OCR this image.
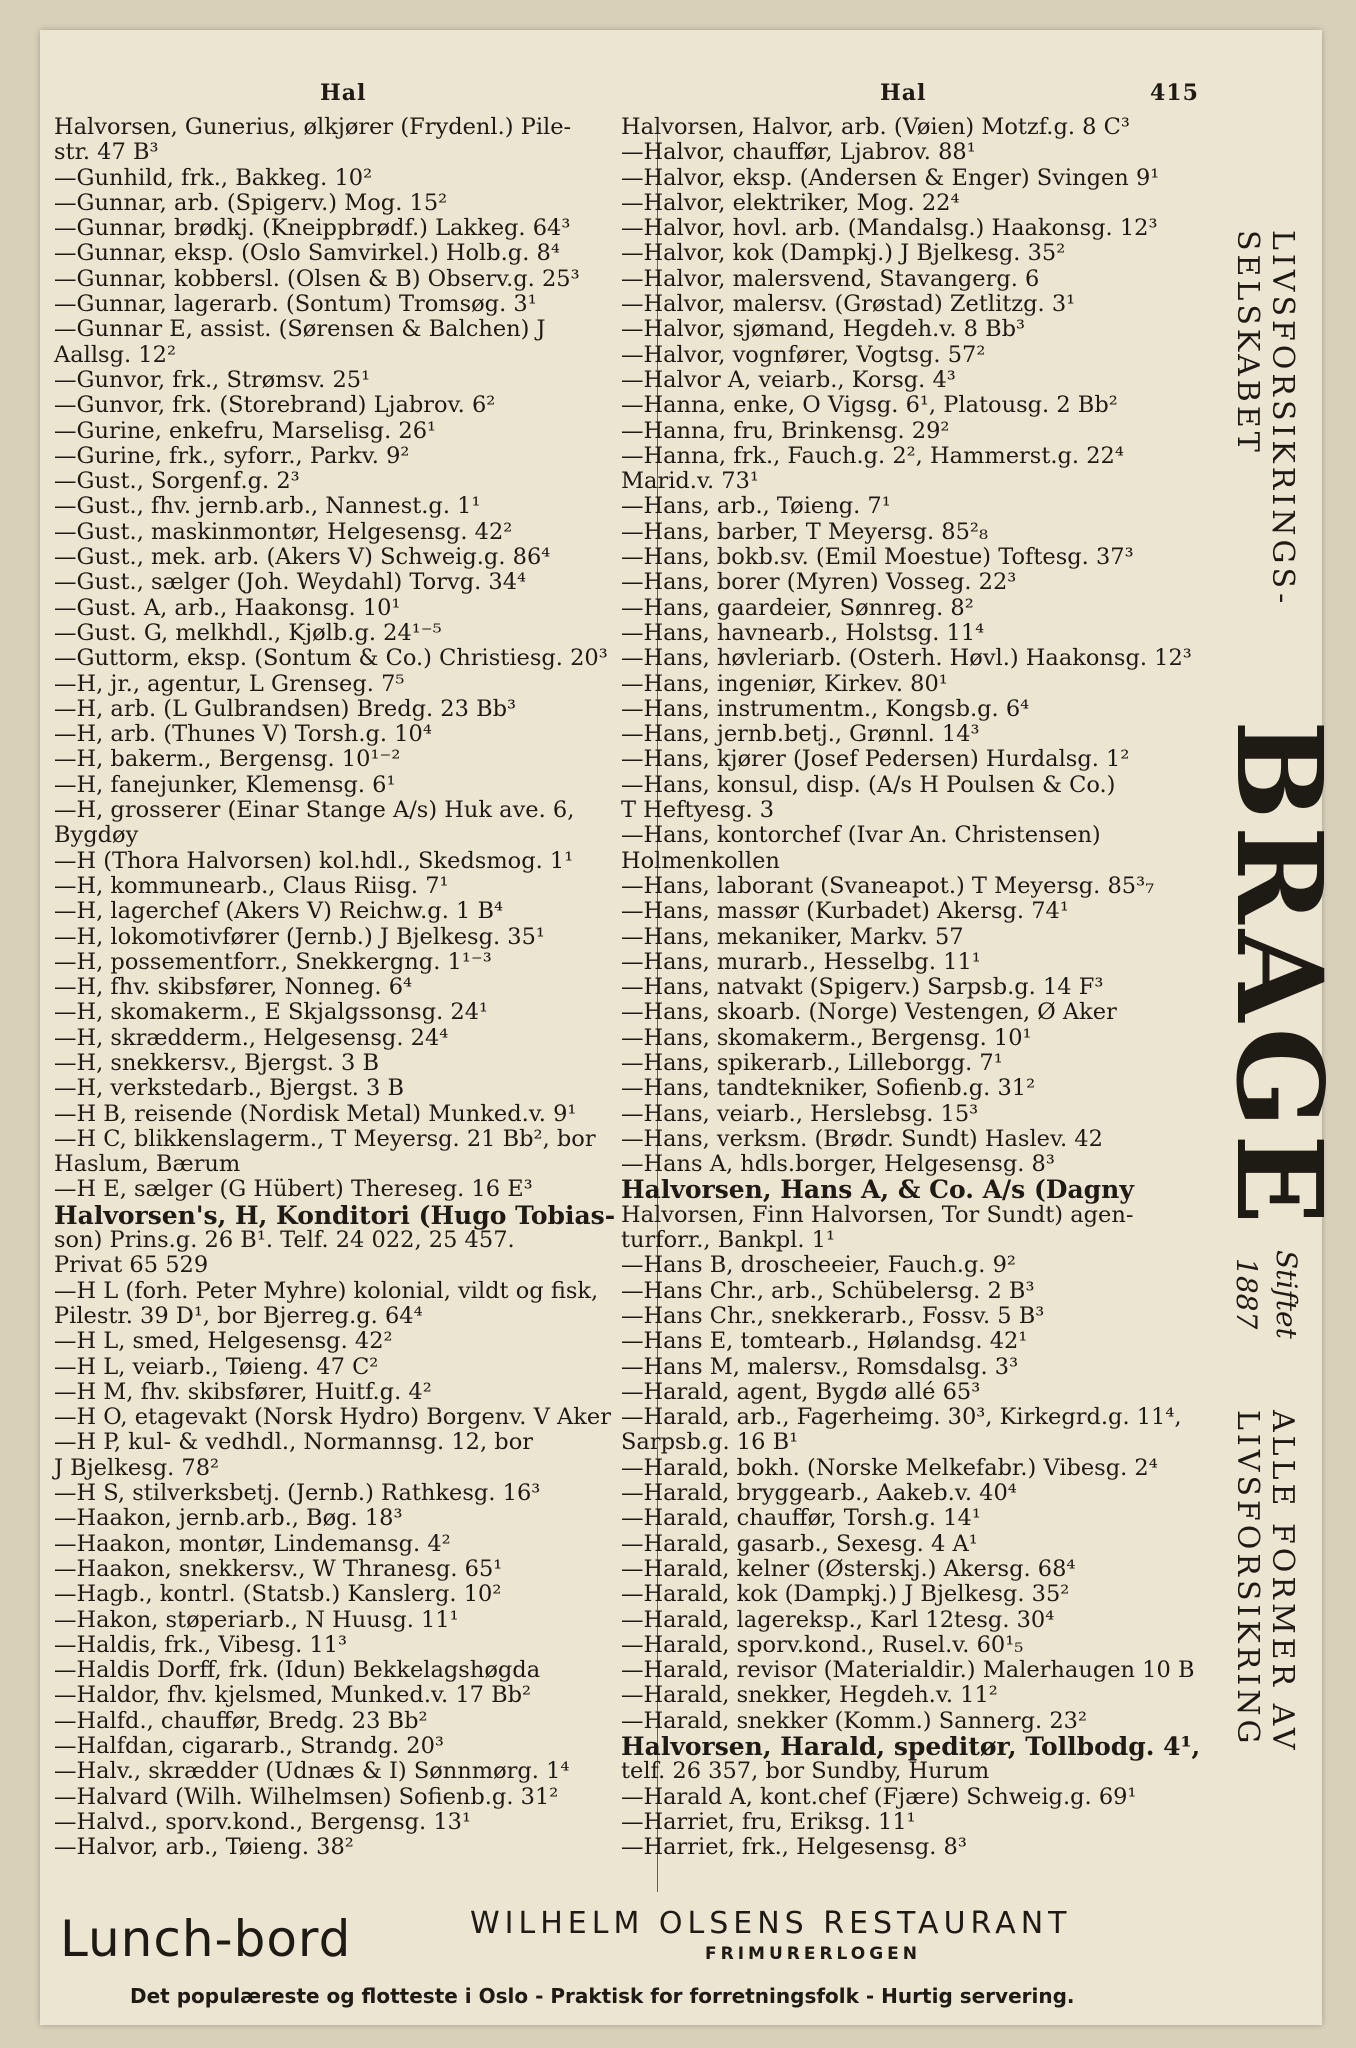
Hal	Hal	415
Halvorsen, Gunerius, ølkjører (Frydenl.) Pile-
str. 47 B³
—Gunhild, frk., Bakkeg. 10²
—Gunnar, arb. (Spigerv.) Mog. 15²
—Gunnar, brødkj. (Kneippbrødf.) Lakkeg. 64³
—Gunnar, eksp. (Oslo Samvirkel.) Holb.g. 8⁴
—Gunnar, kobbersl. (Olsen & B) Observ.g. 25³
—Gunnar, lagerarb. (Sontum) Tromsøg. 3¹
—Gunnar E, assist. (Sørensen & Balchen) J
Aallsg. 12²
—Gunvor, frk., Strømsv. 25¹
—Gunvor, frk. (Storebrand) Ljabrov. 6²
—Gurine, enkefru, Marselisg. 26¹
—Gurine, frk., syforr., Parkv. 9²
—Gust., Sorgenf.g. 2³
—Gust., fhv. jernb.arb., Nannest.g. 1¹
—Gust., maskinmontør, Helgesensg. 42²
—Gust., mek. arb. (Akers V) Schweig.g. 86⁴
—Gust., sælger (Joh. Weydahl) Torvg. 34⁴
—Gust. A, arb., Haakonsg. 10¹
—Gust. G, melkhdl., Kjølb.g. 24¹⁻⁵
—Guttorm, eksp. (Sontum & Co.) Christiesg. 20³
—H, jr., agentur, L Grenseg. 7⁵
—H, arb. (L Gulbrandsen) Bredg. 23 Bb³
—H, arb. (Thunes V) Torsh.g. 10⁴
—H, bakerm., Bergensg. 10¹⁻²
—H, fanejunker, Klemensg. 6¹
—H, grosserer (Einar Stange A/s) Huk ave. 6,
Bygdøy
—H (Thora Halvorsen) kol.hdl., Skedsmog. 1¹
—H, kommunearb., Claus Riisg. 7¹
—H, lagerchef (Akers V) Reichw.g. 1 B⁴
—H, lokomotivfører (Jernb.) J Bjelkesg. 35¹
—H, possementforr., Snekkergng. 1¹⁻³
—H, fhv. skibsfører, Nonneg. 6⁴
—H, skomakerm., E Skjalgssonsg. 24¹
—H, skrædderm., Helgesensg. 24⁴
—H, snekkersv., Bjergst. 3 B
—H, verkstedarb., Bjergst. 3 B
—H B, reisende (Nordisk Metal) Munked.v. 9¹
—H C, blikkenslagerm., T Meyersg. 21 Bb², bor
Haslum, Bærum
—H E, sælger (G Hübert) Thereseg. 16 E³
Halvorsen's, H, Konditori (Hugo Tobias-
son) Prins.g. 26 B¹. Telf. 24 022, 25 457.
Privat 65 529
—H L (forh. Peter Myhre) kolonial, vildt og fisk,
Pilestr. 39 D¹, bor Bjerreg.g. 64⁴
—H L, smed, Helgesensg. 42²
—H L, veiarb., Tøieng. 47 C²
—H M, fhv. skibsfører, Huitf.g. 4²
—H O, etagevakt (Norsk Hydro) Borgenv. V Aker
—H P, kul- & vedhdl., Normannsg. 12, bor
J Bjelkesg. 78²
—H S, stilverksbetj. (Jernb.) Rathkesg. 16³
—Haakon, jernb.arb., Bøg. 18³
—Haakon, montør, Lindemansg. 4²
—Haakon, snekkersv., W Thranesg. 65¹
—Hagb., kontrl. (Statsb.) Kanslerg. 10²
—Hakon, støperiarb., N Huusg. 11¹
—Haldis, frk., Vibesg. 11³
—Haldis Dorff, frk. (Idun) Bekkelagshøgda
—Haldor, fhv. kjelsmed, Munked.v. 17 Bb²
—Halfd., chauffør, Bredg. 23 Bb²
—Halfdan, cigararb., Strandg. 20³
—Halv., skrædder (Udnæs & I) Sønnmørg. 1⁴
—Halvard (Wilh. Wilhelmsen) Sofienb.g. 31²
—Halvd., sporv.kond., Bergensg. 13¹
—Halvor, arb., Tøieng. 38²
Halvorsen, Halvor, arb. (Vøien) Motzf.g. 8 C³
—Halvor, chauffør, Ljabrov. 88¹
—Halvor, eksp. (Andersen & Enger) Svingen 9¹
—Halvor, elektriker, Mog. 22⁴
—Halvor, hovl. arb. (Mandalsg.) Haakonsg. 12³
—Halvor, kok (Dampkj.) J Bjelkesg. 35²
—Halvor, malersvend, Stavangerg. 6
—Halvor, malersv. (Grøstad) Zetlitzg. 3¹
—Halvor, sjømand, Hegdeh.v. 8 Bb³
—Halvor, vognfører, Vogtsg. 57²
—Halvor A, veiarb., Korsg. 4³
—Hanna, enke, O Vigsg. 6¹, Platousg. 2 Bb²
—Hanna, fru, Brinkensg. 29²
—Hanna, frk., Fauch.g. 2², Hammerst.g. 22⁴
Marid.v. 73¹
—Hans, arb., Tøieng. 7¹
—Hans, barber, T Meyersg. 85²₈
—Hans, bokb.sv. (Emil Moestue) Toftesg. 37³
—Hans, borer (Myren) Vosseg. 22³
—Hans, gaardeier, Sønnreg. 8²
—Hans, havnearb., Holstsg. 11⁴
—Hans, høvleriarb. (Osterh. Høvl.) Haakonsg. 12³
—Hans, ingeniør, Kirkev. 80¹
—Hans, instrumentm., Kongsb.g. 6⁴
—Hans, jernb.betj., Grønnl. 14³
—Hans, kjører (Josef Pedersen) Hurdalsg. 1²
—Hans, konsul, disp. (A/s H Poulsen & Co.)
T Heftyesg. 3
—Hans, kontorchef (Ivar An. Christensen)
Holmenkollen
—Hans, laborant (Svaneapot.) T Meyersg. 85³₇
—Hans, massør (Kurbadet) Akersg. 74¹
—Hans, mekaniker, Markv. 57
—Hans, murarb., Hesselbg. 11¹
—Hans, natvakt (Spigerv.) Sarpsb.g. 14 F³
—Hans, skoarb. (Norge) Vestengen, Ø Aker
—Hans, skomakerm., Bergensg. 10¹
—Hans, spikerarb., Lilleborgg. 7¹
—Hans, tandtekniker, Sofienb.g. 31²
—Hans, veiarb., Herslebsg. 15³
—Hans, verksm. (Brødr. Sundt) Haslev. 42
—Hans A, hdls.borger, Helgesensg. 8³
Halvorsen, Hans A, & Co. A/s (Dagny
Halvorsen, Finn Halvorsen, Tor Sundt) agen-
turforr., Bankpl. 1¹
—Hans B, droscheeier, Fauch.g. 9²
—Hans Chr., arb., Schübelersg. 2 B³
—Hans Chr., snekkerarb., Fossv. 5 B³
—Hans E, tomtearb., Hølandsg. 42¹
—Hans M, malersv., Romsdalsg. 3³
—Harald, agent, Bygdø allé 65³
—Harald, arb., Fagerheimg. 30³, Kirkegrd.g. 11⁴,
Sarpsb.g. 16 B¹
—Harald, bokh. (Norske Melkefabr.) Vibesg. 2⁴
—Harald, bryggearb., Aakeb.v. 40⁴
—Harald, chauffør, Torsh.g. 14¹
—Harald, gasarb., Sexesg. 4 A¹
—Harald, kelner (Østerskj.) Akersg. 68⁴
—Harald, kok (Dampkj.) J Bjelkesg. 35²
—Harald, lagereksp., Karl 12tesg. 30⁴
—Harald, sporv.kond., Rusel.v. 60¹₅
—Harald, revisor (Materialdir.) Malerhaugen 10 B
—Harald, snekker, Hegdeh.v. 11²
—Harald, snekker (Komm.) Sannerg. 23²
Halvorsen, Harald, speditør, Tollbodg. 4¹,
telf. 26 357, bor Sundby, Hurum
—Harald A, kont.chef (Fjære) Schweig.g. 69¹
—Harriet, fru, Eriksg. 11¹
—Harriet, frk., Helgesensg. 8³
LIVSFORSIKRINGS-
SELSKABET
BRAGE
Stiftet
1887
ALLE FORMER AV
LIVSFORSIKRING
Lunch-bord	WILHELM OLSENS RESTAURANT
FRIMURERLOGEN
Det populæreste og flotteste i Oslo - Praktisk for forretningsfolk - Hurtig servering.
